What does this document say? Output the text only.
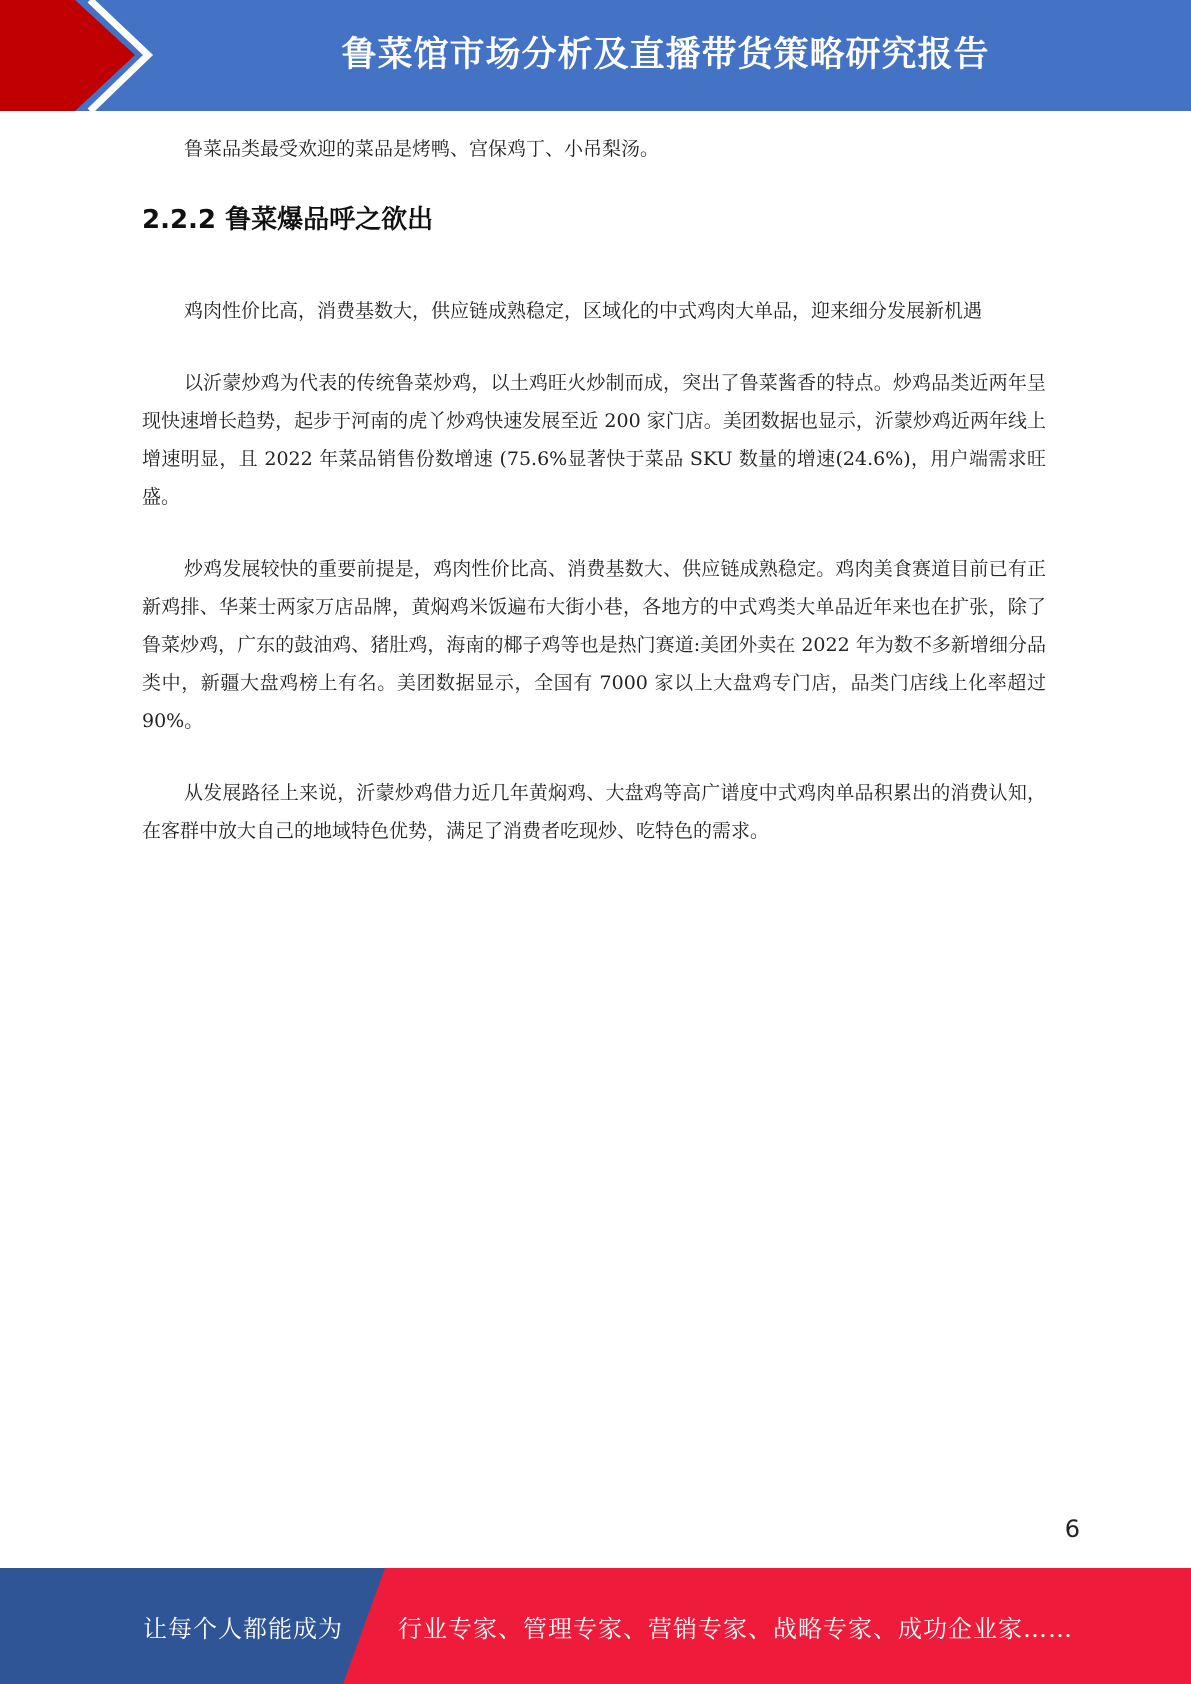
鲁菜馆市场分析及直播带货策略研究报告

鲁菜品类最受欢迎的菜品是烤鸭、宫保鸡丁、小吊梨汤。

2.2.2 鲁菜爆品呼之欲出

鸡肉性价比高，消费基数大，供应链成熟稳定，区域化的中式鸡肉大单品，迎来细分发展新机遇

以沂蒙炒鸡为代表的传统鲁菜炒鸡，以土鸡旺火炒制而成，突出了鲁菜酱香的特点。炒鸡品类近两年呈现快速增长趋势，起步于河南的虎丫炒鸡快速发展至近 200 家门店。美团数据也显示，沂蒙炒鸡近两年线上增速明显，且 2022 年菜品销售份数增速 (75.6%显著快于菜品 SKU 数量的增速(24.6%)，用户端需求旺盛。

炒鸡发展较快的重要前提是，鸡肉性价比高、消费基数大、供应链成熟稳定。鸡肉美食赛道目前已有正新鸡排、华莱士两家万店品牌，黄焖鸡米饭遍布大街小巷，各地方的中式鸡类大单品近年来也在扩张，除了鲁菜炒鸡，广东的鼓油鸡、猪肚鸡，海南的椰子鸡等也是热门赛道:美团外卖在 2022 年为数不多新增细分品类中，新疆大盘鸡榜上有名。美团数据显示，全国有 7000 家以上大盘鸡专门店，品类门店线上化率超过 90%。

从发展路径上来说，沂蒙炒鸡借力近几年黄焖鸡、大盘鸡等高广谱度中式鸡肉单品积累出的消费认知，在客群中放大自己的地域特色优势，满足了消费者吃现炒、吃特色的需求。

6
让每个人都能成为 行业专家、管理专家、营销专家、战略专家、成功企业家……
